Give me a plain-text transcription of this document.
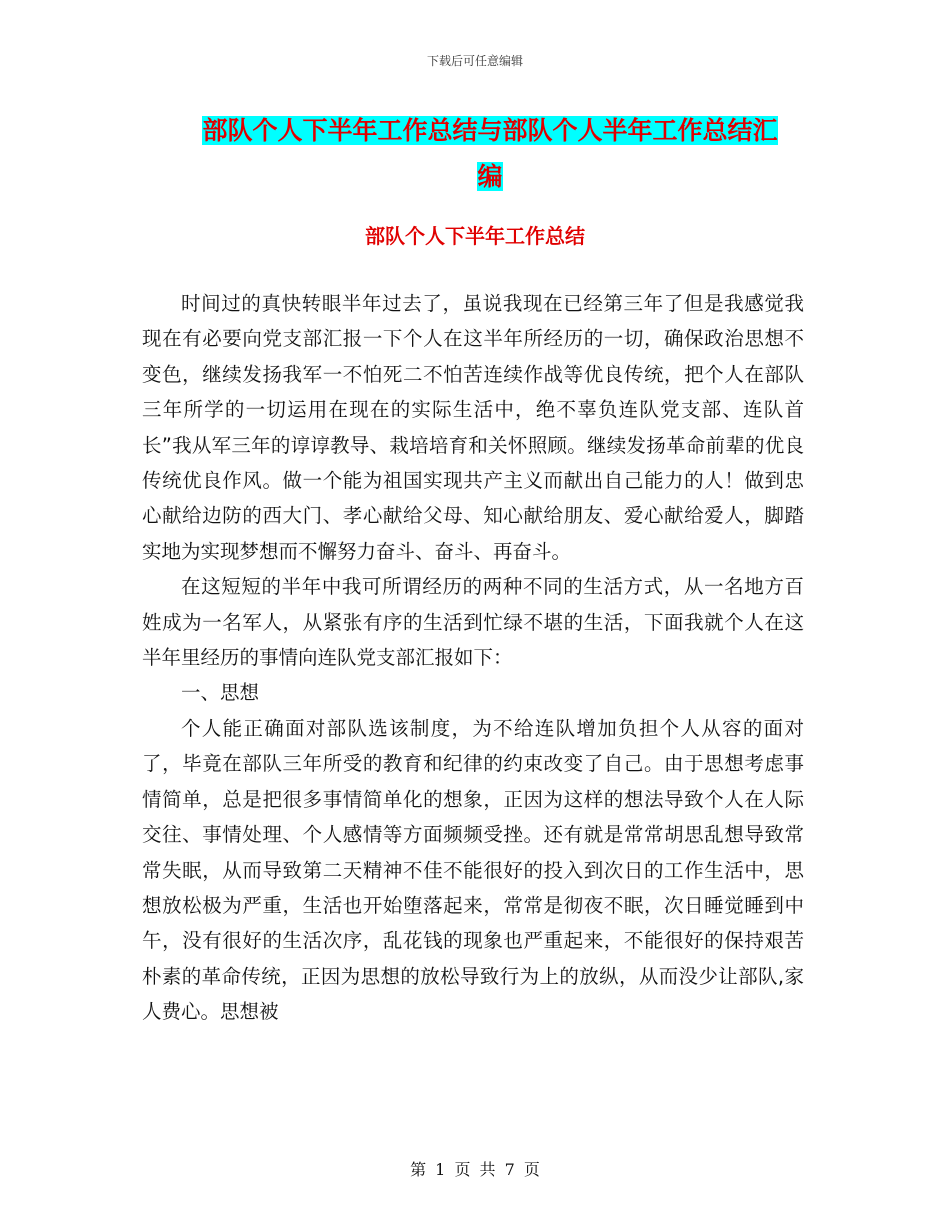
下载后可任意编辑
部队个人下半年工作总结与部队个人半年工作总结汇
编
部队个人下半年工作总结

时间过的真快转眼半年过去了，虽说我现在已经第三年了但是我感觉我现在有必要向党支部汇报一下个人在这半年所经历的一切，确保政治思想不变色，继续发扬我军一不怕死二不怕苦连续作战等优良传统，把个人在部队三年所学的一切运用在现在的实际生活中，绝不辜负连队党支部、连队首长”我从军三年的谆谆教导、栽培培育和关怀照顾。继续发扬革命前辈的优良传统优良作风。做一个能为祖国实现共产主义而献出自己能力的人！做到忠心献给边防的西大门、孝心献给父母、知心献给朋友、爱心献给爱人，脚踏实地为实现梦想而不懈努力奋斗、奋斗、再奋斗。

在这短短的半年中我可所谓经历的两种不同的生活方式，从一名地方百姓成为一名军人，从紧张有序的生活到忙绿不堪的生活，下面我就个人在这半年里经历的事情向连队党支部汇报如下：

一、思想

个人能正确面对部队选该制度，为不给连队增加负担个人从容的面对了，毕竟在部队三年所受的教育和纪律的约束改变了自己。由于思想考虑事情简单，总是把很多事情简单化的想象，正因为这样的想法导致个人在人际交往、事情处理、个人感情等方面频频受挫。还有就是常常胡思乱想导致常常失眠，从而导致第二天精神不佳不能很好的投入到次日的工作生活中，思想放松极为严重，生活也开始堕落起来，常常是彻夜不眠，次日睡觉睡到中午，没有很好的生活次序，乱花钱的现象也严重起来，不能很好的保持艰苦朴素的革命传统，正因为思想的放松导致行为上的放纵，从而没少让部队,家人费心。思想被

第 1 页 共 7 页
